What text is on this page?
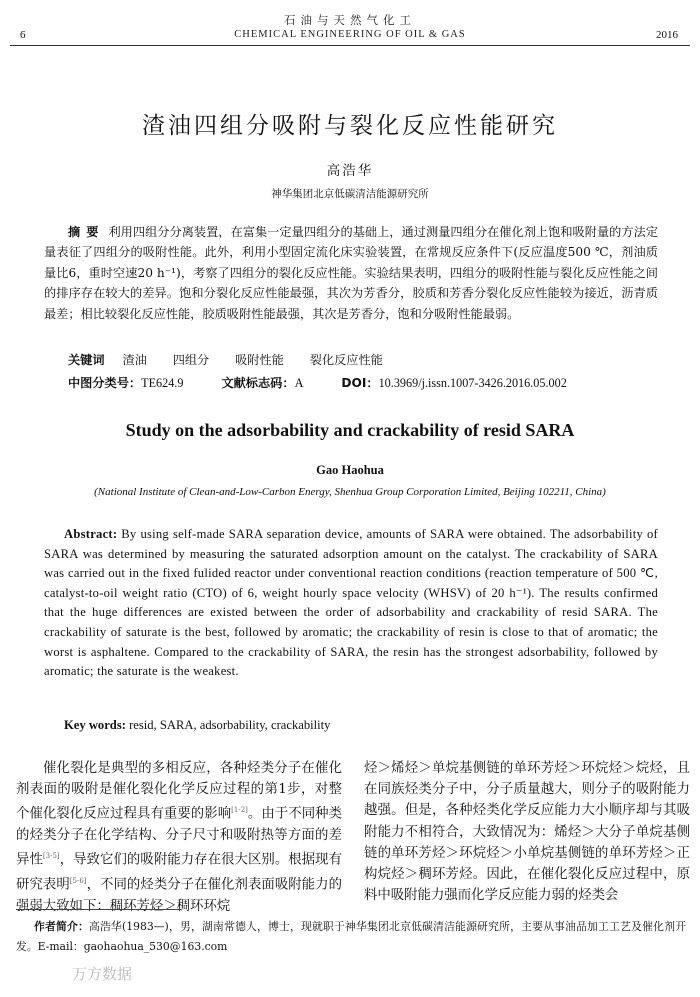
6
石油与天然气化工
CHEMICAL ENGINEERING OF OIL & GAS	2016
渣油四组分吸附与裂化反应性能研究
高浩华
神华集团北京低碳清洁能源研究所
摘要 利用四组分分离装置，在富集一定量四组分的基础上，通过测量四组分在催化剂上饱和吸附量的方法定量表征了四组分的吸附性能。此外，利用小型固定流化床实验装置，在常规反应条件下(反应温度500 ℃，剂油质量比6，重时空速20 h⁻¹)，考察了四组分的裂化反应性能。实验结果表明，四组分的吸附性能与裂化反应性能之间的排序存在较大的差异。饱和分裂化反应性能最强，其次为芳香分，胶质和芳香分裂化反应性能较为接近，沥青质最差；相比较裂化反应性能，胶质吸附性能最强，其次是芳香分，饱和分吸附性能最弱。
关键词 渣油 四组分 吸附性能 裂化反应性能
中图分类号：TE624.9	文献标志码：A	DOI：10.3969/j.issn.1007-3426.2016.05.002
Study on the adsorbability and crackability of resid SARA
Gao Haohua
(National Institute of Clean-and-Low-Carbon Energy, Shenhua Group Corporation Limited, Beijing 102211, China)
Abstract: By using self-made SARA separation device, amounts of SARA were obtained. The adsorbability of SARA was determined by measuring the saturated adsorption amount on the catalyst. The crackability of SARA was carried out in the fixed fulided reactor under conventional reaction conditions (reaction temperature of 500 ℃, catalyst-to-oil weight ratio (CTO) of 6, weight hourly space velocity (WHSV) of 20 h⁻¹). The results confirmed that the huge differences are existed between the order of adsorbability and crackability of resid SARA. The crackability of saturate is the best, followed by aromatic; the crackability of resin is close to that of aromatic; the worst is asphaltene. Compared to the crackability of SARA, the resin has the strongest adsorbability, followed by aromatic; the saturate is the weakest.
Key words: resid, SARA, adsorbability, crackability
催化裂化是典型的多相反应，各种烃类分子在催化剂表面的吸附是催化裂化化学反应过程的第1步，对整个催化裂化反应过程具有重要的影响[1-2]。由于不同种类的烃类分子在化学结构、分子尺寸和吸附热等方面的差异性[3-5]，导致它们的吸附能力存在很大区别。根据现有研究表明[5-6]，不同的烃类分子在催化剂表面吸附能力的强弱大致如下：稠环芳烃＞稠环环烷
烃＞烯烃＞单烷基侧链的单环芳烃＞环烷烃＞烷烃，且在同族烃类分子中，分子质量越大，则分子的吸附能力越强。但是，各种烃类化学反应能力大小顺序却与其吸附能力不相符合，大致情况为：烯烃＞大分子单烷基侧链的单环芳烃＞环烷烃＞小单烷基侧链的单环芳烃＞正构烷烃＞稠环芳烃。因此，在催化裂化反应过程中，原料中吸附能力强而化学反应能力弱的烃类会
作者简介：高浩华(1983—)，男，湖南常德人，博士，现就职于神华集团北京低碳清洁能源研究所，主要从事油品加工工艺及催化剂开发。E-mail：gaohaohua_530@163.com
万方数据
